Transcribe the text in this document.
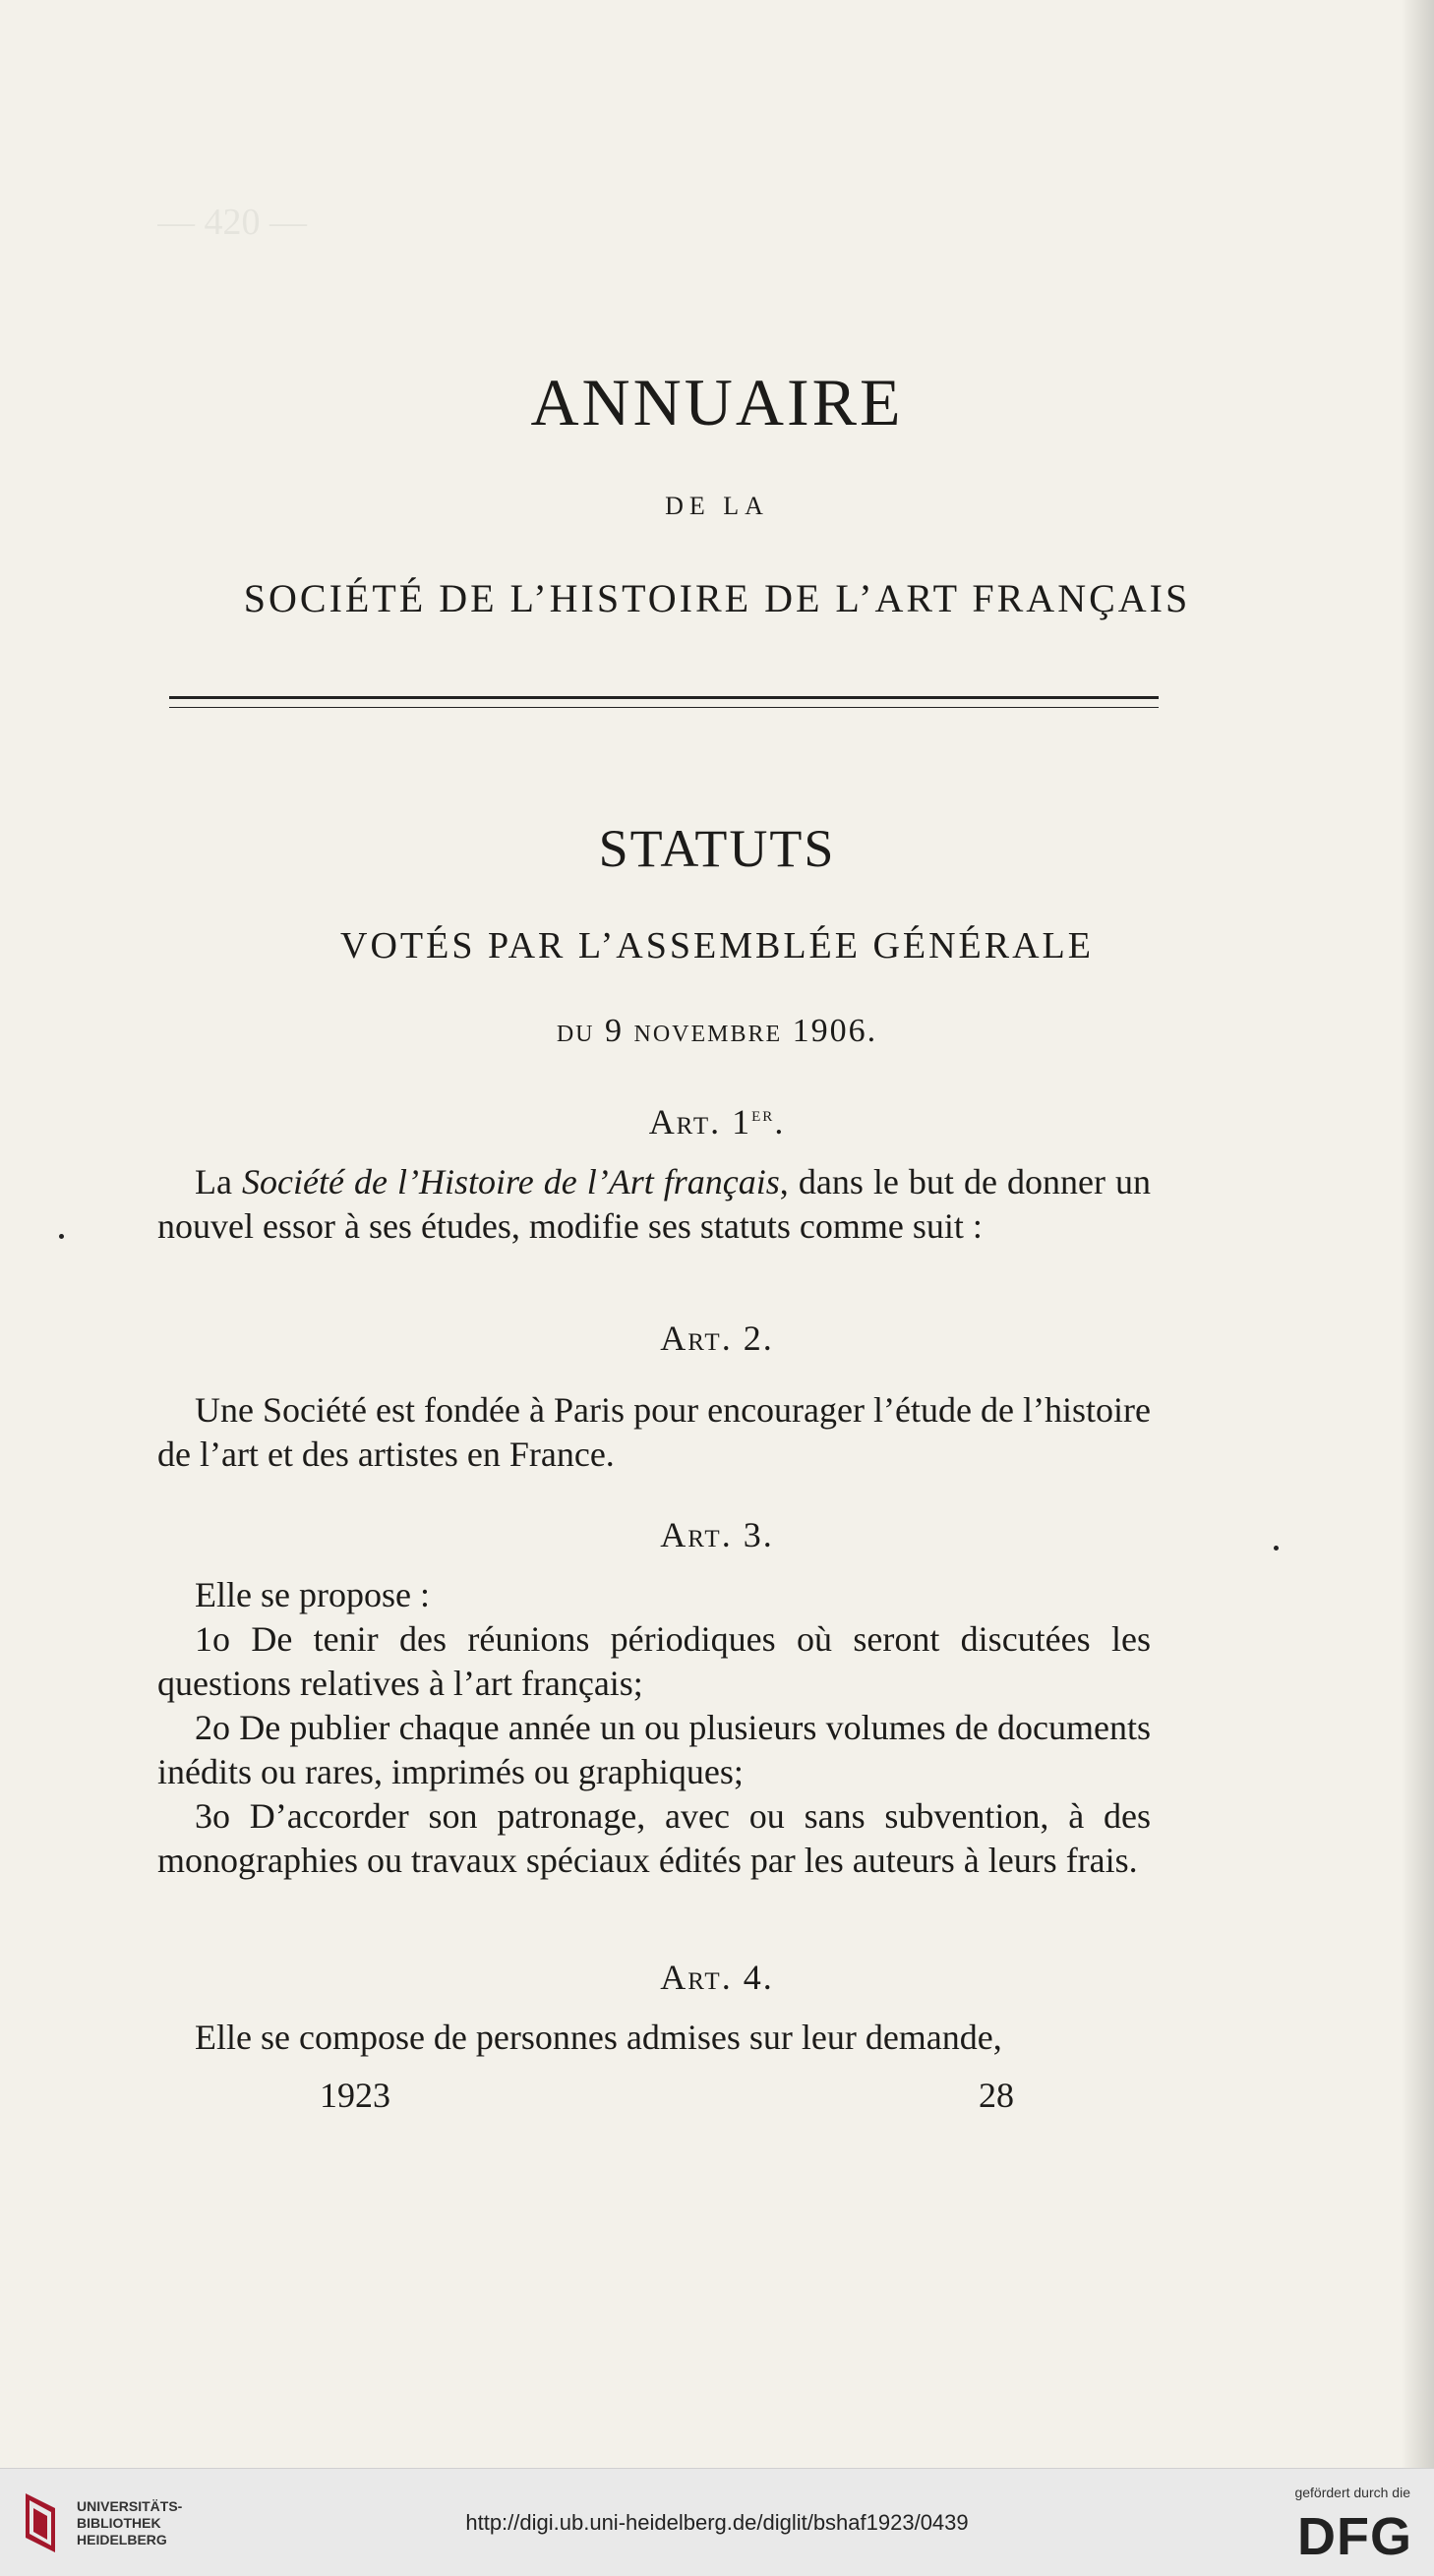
— 420 —
ANNUAIRE
DE LA
SOCIÉTÉ DE L’HISTOIRE DE L’ART FRANÇAIS
STATUTS
VOTÉS PAR L’ASSEMBLÉE GÉNÉRALE
du 9 novembre 1906.
Art. 1er.

La Société de l’Histoire de l’Art français, dans le but de donner un nouvel essor à ses études, modifie ses statuts comme suit :

Art. 2.

Une Société est fondée à Paris pour encourager l’étude de l’histoire de l’art et des artistes en France.

Art. 3.

Elle se propose :

1o De tenir des réunions périodiques où seront discutées les questions relatives à l’art français;

2o De publier chaque année un ou plusieurs volumes de documents inédits ou rares, imprimés ou graphiques;

3o D’accorder son patronage, avec ou sans subvention, à des monographies ou travaux spéciaux édités par les auteurs à leurs frais.

Art. 4.

Elle se compose de personnes admises sur leur demande,

1923	28
UNIVERSITÄTS-
BIBLIOTHEK
HEIDELBERG
http://digi.ub.uni-heidelberg.de/diglit/bshaf1923/0439
gefördert durch die
DFG
